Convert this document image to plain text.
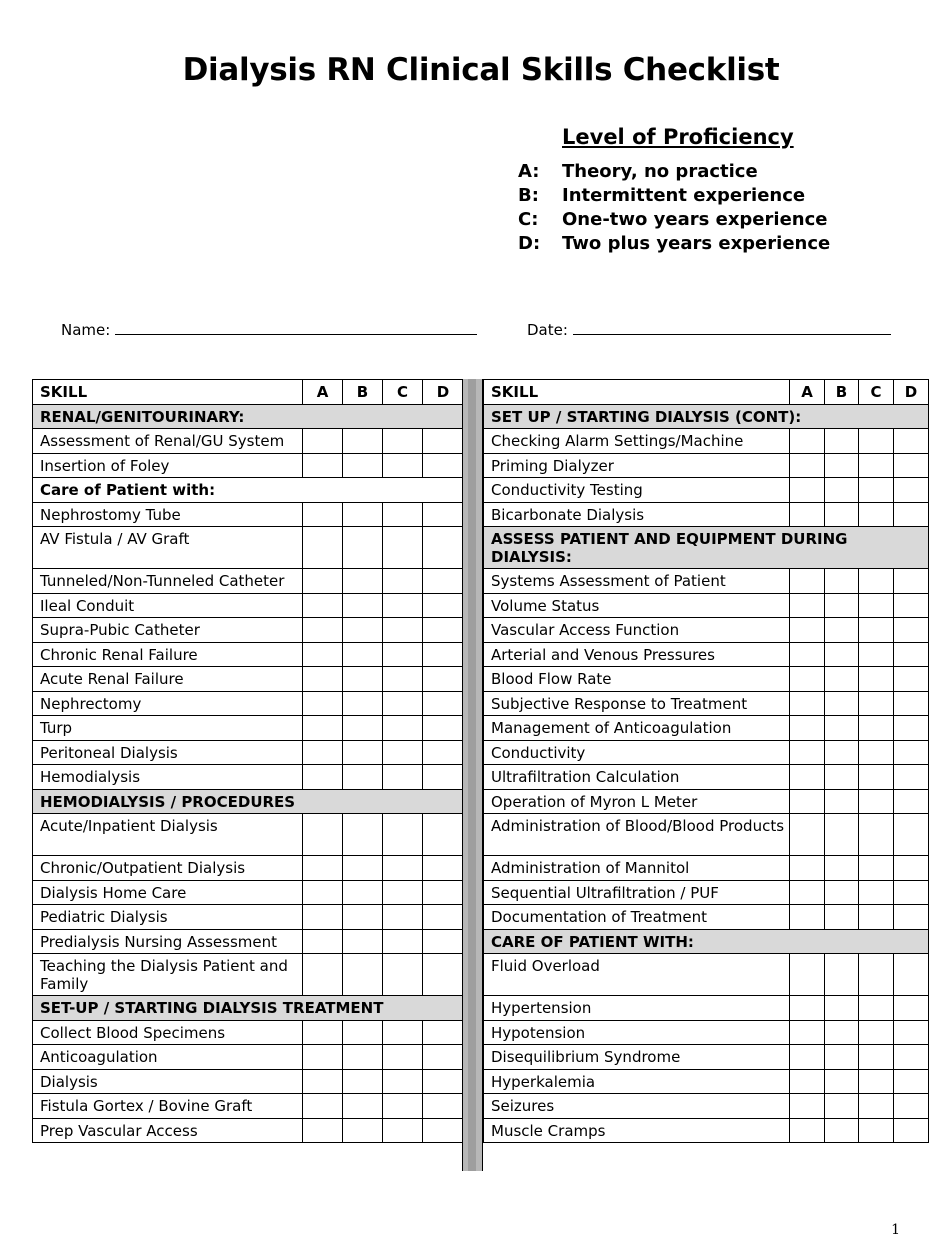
Dialysis RN Clinical Skills Checklist
Level of Proficiency
A: Theory, no practice
B: Intermittent experience
C: One-two years experience
D: Two plus years experience
Name:	Date:
SKILL	A	B	C	D
RENAL/GENITOURINARY:				
Assessment of Renal/GU System				
Insertion of Foley				
Care of Patient with:				
Nephrostomy Tube				
AV Fistula / AV Graft				
Tunneled/Non-Tunneled Catheter				
Ileal Conduit				
Supra-Pubic Catheter				
Chronic Renal Failure				
Acute Renal Failure				
Nephrectomy				
Turp				
Peritoneal Dialysis				
Hemodialysis				
HEMODIALYSIS / PROCEDURES				
Acute/Inpatient Dialysis				
Chronic/Outpatient Dialysis				
Dialysis Home Care				
Pediatric Dialysis				
Predialysis Nursing Assessment				
Teaching the Dialysis Patient and Family				
SET-UP / STARTING DIALYSIS TREATMENT				
Collect Blood Specimens				
Anticoagulation				
Dialysis				
Fistula Gortex / Bovine Graft				
Prep Vascular Access				
SKILL	A	B	C	D
SET UP / STARTING DIALYSIS (CONT):				
Checking Alarm Settings/Machine				
Priming Dialyzer				
Conductivity Testing				
Bicarbonate Dialysis				
ASSESS PATIENT AND EQUIPMENT DURING DIALYSIS:				
Systems Assessment of Patient				
Volume Status				
Vascular Access Function				
Arterial and Venous Pressures				
Blood Flow Rate				
Subjective Response to Treatment				
Management of Anticoagulation				
Conductivity				
Ultrafiltration Calculation				
Operation of Myron L Meter				
Administration of Blood/Blood Products				
Administration of Mannitol				
Sequential Ultrafiltration / PUF				
Documentation of Treatment				
CARE OF PATIENT WITH:				
Fluid Overload				
Hypertension				
Hypotension				
Disequilibrium Syndrome				
Hyperkalemia				
Seizures				
Muscle Cramps				
1
